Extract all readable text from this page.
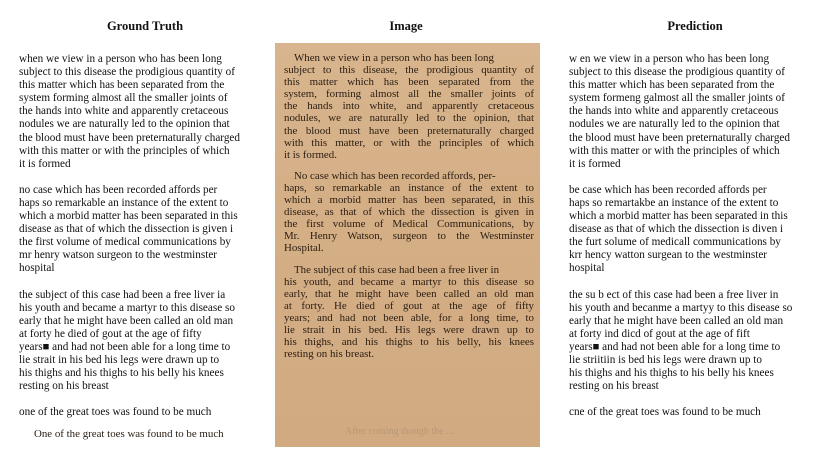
Ground Truth	Image	Prediction
when we view in a person who has been long
subject to this disease the prodigious quantity of
this matter which has been separated from the
system forming almost all the smaller joints of
the hands into white and apparently cretaceous
nodules we are naturally led to the opinion that
the blood must have been preternaturally charged
with this matter or with the principles of which
it is formed
no case which has been recorded affords per
haps so remarkable an instance of the extent to
which a morbid matter has been separated in this
disease as that of which the dissection is given i
the first volume of medical communications by
mr henry watson surgeon to the westminster
hospital
the subject of this case had been a free liver ia
his youth and became a martyr to this disease so
early that he might have been called an old man
at forty he died of gout at the age of fifty
years■ and had not been able for a long time to
lie strait in his bed his legs were drawn up to
his thighs and his thighs to his belly his knees
resting on his breast
one of the great toes was found to be much
When we view in a person who has been long
subject to this disease, the prodigious quantity of
this matter which has been separated from the
system, forming almost all the smaller joints of
the hands into white, and apparently cretaceous
nodules, we are naturally led to the opinion, that
the blood must have been preternaturally charged
with this matter, or with the principles of which
it is formed.
No case which has been recorded affords, per-
haps, so remarkable an instance of the extent to
which a morbid matter has been separated, in this
disease, as that of which the dissection is given in
the first volume of Medical Communications, by
Mr. Henry Watson, surgeon to the Westminster
Hospital.
The subject of this case had been a free liver in
his youth, and became a martyr to this disease so
early, that he might have been called an old man
at forty. He died of gout at the age of fifty
years; and had not been able, for a long time, to
lie strait in his bed. His legs were drawn up to
his thighs, and his thighs to his belly, his knees
resting on his breast.
After coming though the ...
One of the great toes was found to be much
w en we view in a person who has been long
subject to this disease the prodigious quantity of
this matter which has been separated from the
system formeng galmost all the smaller joints of
the hands into white and apparently cretaceous
nodules we are naturally led to the opinion that
the blood must have been preternaturally charged
with this matter or with the principles of which
it is formed
be case which has been recorded affords per
haps so remartakbe an instance of the extent to
which a morbid matter has been separated in this
disease as that of which the dissection is diven i
the furt solume of medicall communications by
krr hency watton surgean to the westminster
hospital
the su b ect of this case had been a free liver in
his youth and becanme a martyy to this disease so
early that he might have been called an old man
at forty ind dicd of gout at the age of fift
years■ and had not been able for a long time to
lie striitiin is bed his legs were drawn up to
his thighs and his thighs to his belly his knees
resting on his breast
cne of the great toes was found to be much
